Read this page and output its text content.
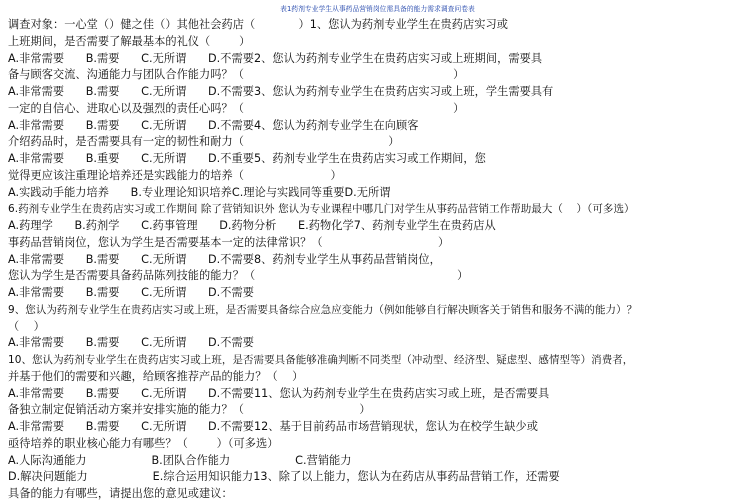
表1药剂专业学生从事药品营销岗位需具备的能力需求调查问卷表
调查对象：一心堂（）健之佳（）其他社会药店（            ）1、您认为药剂专业学生在贵药店实习或
上班期间，是否需要了解最基本的礼仪（        ）
A.非常需要      B.需要      C.无所谓      D.不需要2、您认为药剂专业学生在贵药店实习或上班期间，需要具
备与顾客交流、沟通能力与团队合作能力吗？（                                                          ）
A.非常需要      B.需要      C.无所谓      D.不需要3、您认为药剂专业学生在贵药店实习或上班，学生需要具有
一定的自信心、进取心以及强烈的责任心吗？（                                                          ）
A.非常需要      B.需要      C.无所谓      D.不需要4、您认为药剂专业学生在向顾客
介绍药品时，是否需要具有一定的韧性和耐力（                                        ）
A.非常需要      B.重要      C.无所谓      D.不重要5、药剂专业学生在贵药店实习或工作期间，您
觉得更应该注重理论培养还是实践能力的培养（                        ）
A.实践动手能力培养      B.专业理论知识培养C.理论与实践同等重要D.无所谓
6.药剂专业学生在贵药店实习或工作期间 除了营销知识外 您认为专业课程中哪几门对学生从事药品营销工作帮助最大（    ）（可多选）
A.药理学      B.药剂学      C.药事管理      D.药物分析      E.药物化学7、药剂专业学生在贵药店从
事药品营销岗位，您认为学生是否需要基本一定的法律常识？（                                ）
A.非常需要      B.需要      C.无所谓      D.不需要8、药剂专业学生从事药品营销岗位，
您认为学生是否需要具备药品陈列技能的能力？（                                                        ）
A.非常需要      B.需要      C.无所谓      D.不需要
9、您认为药剂专业学生在贵药店实习或上班，是否需要具备综合应急应变能力（例如能够自行解决顾客关于销售和服务不满的能力）？
（    ）
A.非常需要      B.需要      C.无所谓      D.不需要
10、您认为药剂专业学生在贵药店实习或上班，是否需要具备能够准确判断不同类型（冲动型、经济型、疑虑型、感情型等）消费者，
并基于他们的需要和兴趣，给顾客推荐产品的能力？（    ）
A.非常需要      B.需要      C.无所谓      D.不需要11、您认为药剂专业学生在贵药店实习或上班，是否需要具
备独立制定促销活动方案并安排实施的能力？（                                ）
A.非常需要      B.需要      C.无所谓      D.不需要12、基于目前药品市场营销现状，您认为在校学生缺少或
亟待培养的职业核心能力有哪些？（        ）（可多选）
A.人际沟通能力                  B.团队合作能力                  C.营销能力
D.解决问题能力                  E.综合运用知识能力13、除了以上能力，您认为在药店从事药品营销工作，还需要
具备的能力有哪些，请提出您的意见或建议：
